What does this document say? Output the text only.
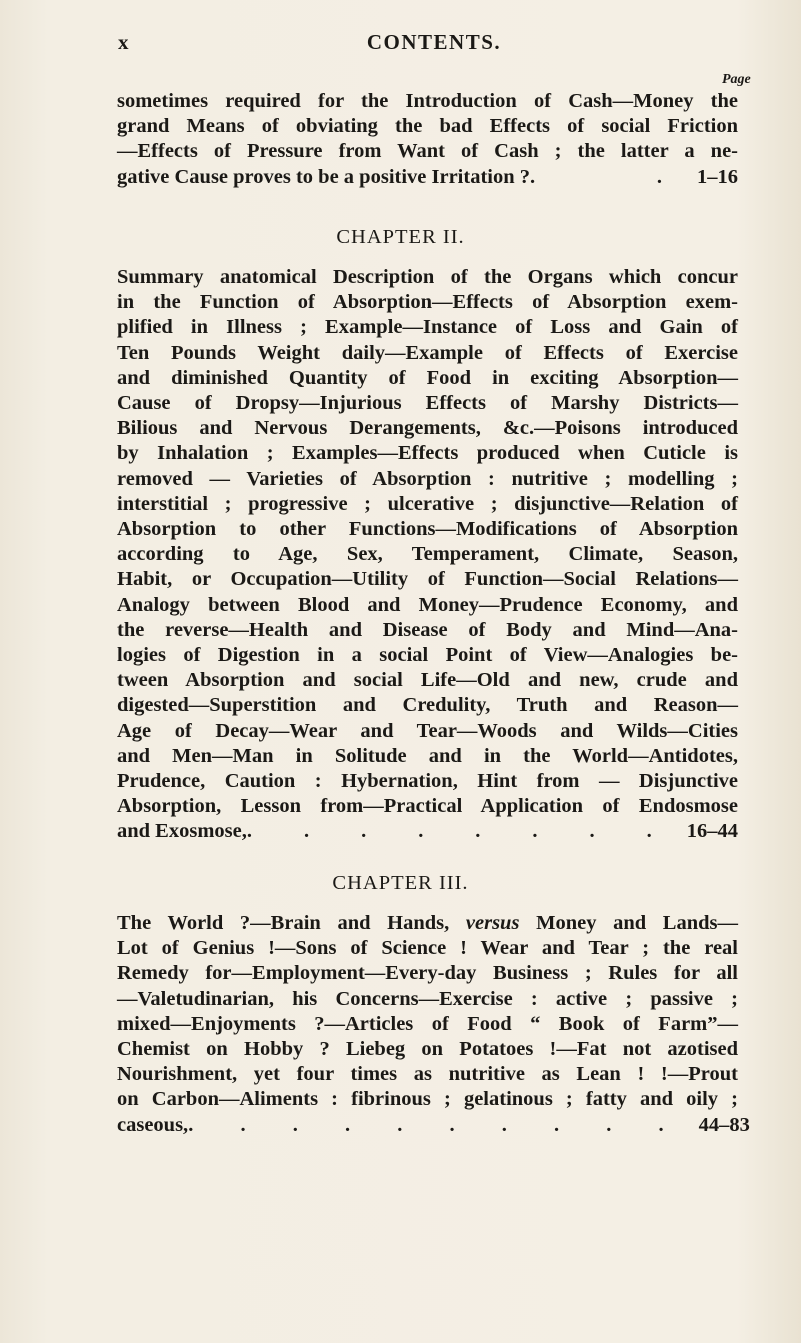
x	CONTENTS.
Page
sometimes required for the Introduction of Cash—Money the
grand Means of obviating the bad Effects of social Friction
—Effects of Pressure from Want of Cash ; the latter a ne-
gative Cause proves to be a positive Irritation ? . . 1–16
CHAPTER II.
Summary anatomical Description of the Organs which concur
in the Function of Absorption—Effects of Absorption exem-
plified in Illness ; Example—Instance of Loss and Gain of
Ten Pounds Weight daily—Example of Effects of Exercise
and diminished Quantity of Food in exciting Absorption—
Cause of Dropsy—Injurious Effects of Marshy Districts—
Bilious and Nervous Derangements, &c.—Poisons introduced
by Inhalation ; Examples—Effects produced when Cuticle is
removed — Varieties of Absorption : nutritive ; modelling ;
interstitial ; progressive ; ulcerative ; disjunctive—Relation of
Absorption to other Functions—Modifications of Absorption
according to Age, Sex, Temperament, Climate, Season,
Habit, or Occupation—Utility of Function—Social Relations—
Analogy between Blood and Money—Prudence Economy, and
the reverse—Health and Disease of Body and Mind—Ana-
logies of Digestion in a social Point of View—Analogies be-
tween Absorption and social Life—Old and new, crude and
digested—Superstition and Credulity, Truth and Reason—
Age of Decay—Wear and Tear—Woods and Wilds—Cities
and Men—Man in Solitude and in the World—Antidotes,
Prudence, Caution : Hybernation, Hint from — Disjunctive
Absorption, Lesson from—Practical Application of Endosmose
and Exosmose, . . . . . . . . 16–44
CHAPTER III.
The World ?—Brain and Hands, versus Money and Lands—
Lot of Genius !—Sons of Science ! Wear and Tear ; the real
Remedy for—Employment—Every-day Business ; Rules for all
—Valetudinarian, his Concerns—Exercise : active ; passive ;
mixed—Enjoyments ?—Articles of Food “ Book of Farm”—
Chemist on Hobby ? Liebeg on Potatoes !—Fat not azotised
Nourishment, yet four times as nutritive as Lean ! !—Prout
on Carbon—Aliments : fibrinous ; gelatinous ; fatty and oily ;
caseous, . . . . . . . . . . 44–83
